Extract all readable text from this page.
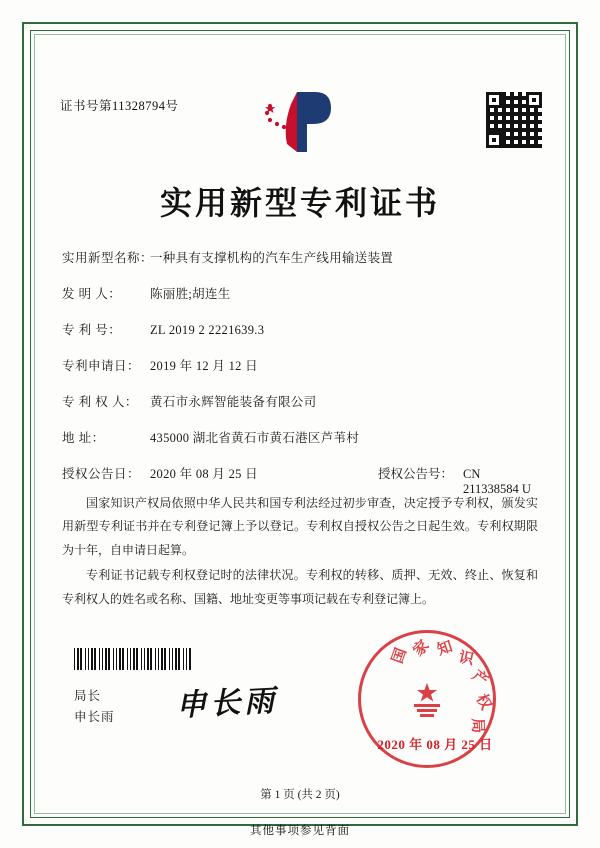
证书号第11328794号
实用新型专利证书
实用新型名称：
一种具有支撑机构的汽车生产线用输送装置
发 明 人：	陈丽胜;胡连生
专 利 号：	ZL 2019 2 2221639.3
专利申请日： 2019 年 12 月 12 日
专 利 权 人： 黄石市永辉智能装备有限公司
地 址：	435000 湖北省黄石市黄石港区芦苇村
授权公告日： 2020 年 08 月 25 日	授权公告号： CN 211338584 U

国家知识产权局依照中华人民共和国专利法经过初步审查，决定授予专利权，颁发实用新型专利证书并在专利登记簿上予以登记。专利权自授权公告之日起生效。专利权期限为十年，自申请日起算。

专利证书记载专利权登记时的法律状况。专利权的转移、质押、无效、终止、恢复和专利权人的姓名或名称、国籍、地址变更等事项记载在专利登记簿上。

局长
申长雨 申长雨
国 家 知 识
产
权
局
2020 年 08 月 25 日
第 1 页 (共 2 页)
其他事项参见背面
